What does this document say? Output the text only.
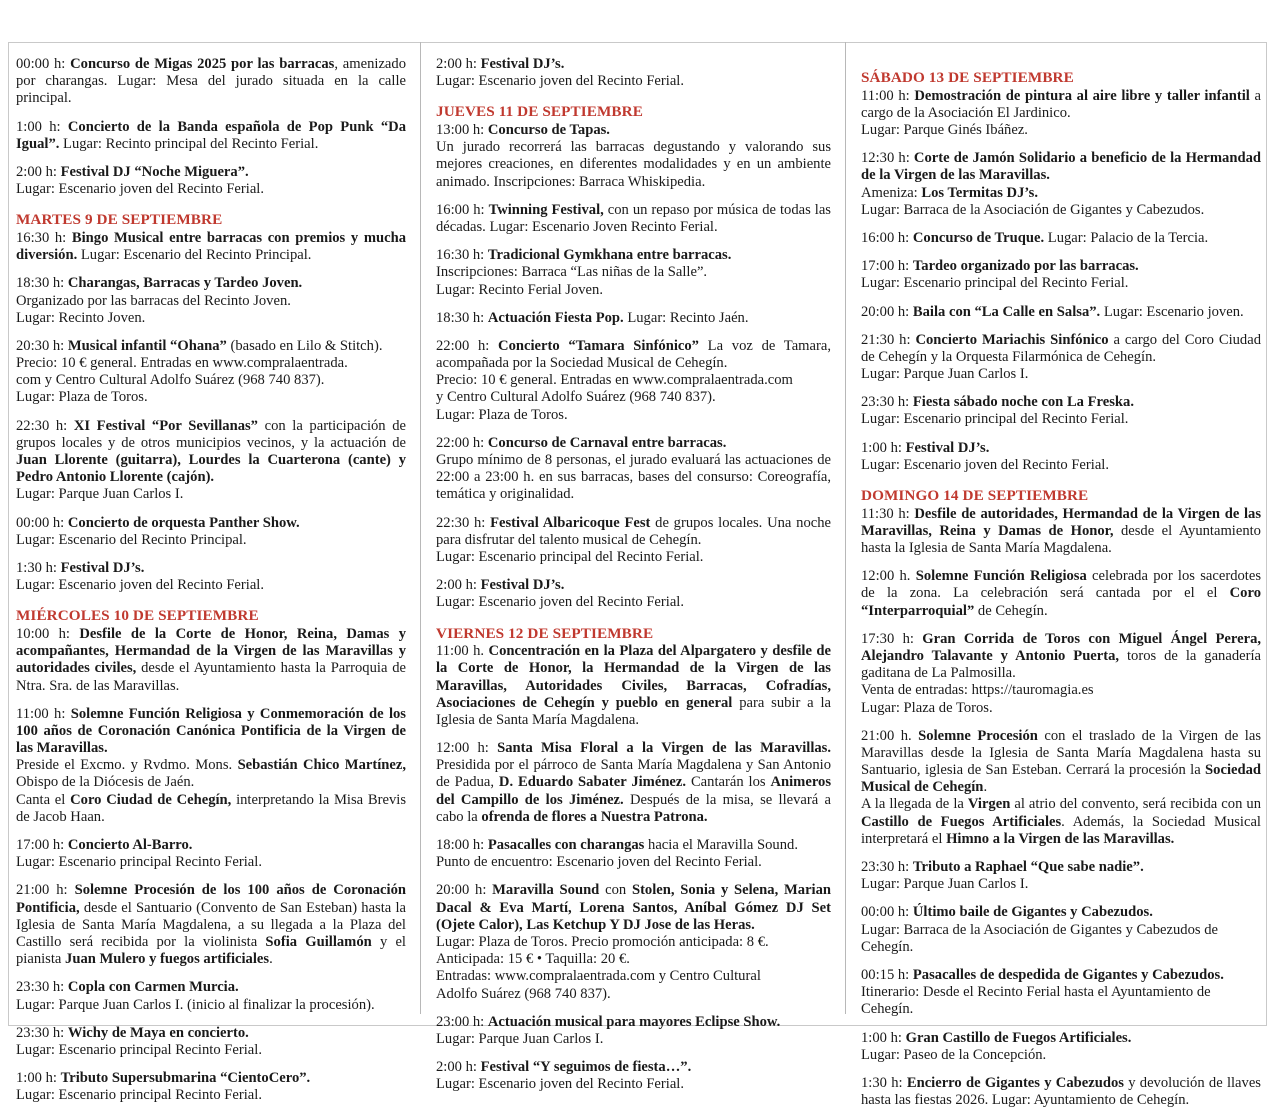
00:00 h: Concurso de Migas 2025 por las barracas, amenizado por charangas. Lugar: Mesa del jurado situada en la calle principal.

1:00 h: Concierto de la Banda española de Pop Punk “Da Igual”. Lugar: Recinto principal del Recinto Ferial.

2:00 h: Festival DJ “Noche Miguera”.
Lugar: Escenario joven del Recinto Ferial.

MARTES 9 DE SEPTIEMBRE

16:30 h: Bingo Musical entre barracas con premios y mucha diversión. Lugar: Escenario del Recinto Principal.

18:30 h: Charangas, Barracas y Tardeo Joven.
Organizado por las barracas del Recinto Joven.
Lugar: Recinto Joven.

20:30 h: Musical infantil “Ohana” (basado en Lilo & Stitch).
Precio: 10 € general. Entradas en www.compralaentrada.
com y Centro Cultural Adolfo Suárez (968 740 837).
Lugar: Plaza de Toros.

22:30 h: XI Festival “Por Sevillanas” con la participación de grupos locales y de otros municipios vecinos, y la actuación de Juan Llorente (guitarra), Lourdes la Cuarterona (cante) y Pedro Antonio Llorente (cajón).
Lugar: Parque Juan Carlos I.

00:00 h: Concierto de orquesta Panther Show.
Lugar: Escenario del Recinto Principal.

1:30 h: Festival DJ’s.
Lugar: Escenario joven del Recinto Ferial.

MIÉRCOLES 10 DE SEPTIEMBRE

10:00 h: Desfile de la Corte de Honor, Reina, Damas y acompañantes, Hermandad de la Virgen de las Maravillas y autoridades civiles, desde el Ayuntamiento hasta la Parroquia de Ntra. Sra. de las Maravillas.

11:00 h: Solemne Función Religiosa y Conmemoración de los 100 años de Coronación Canónica Pontificia de la Virgen de las Maravillas.
Preside el Excmo. y Rvdmo. Mons. Sebastián Chico Martínez, Obispo de la Diócesis de Jaén.
Canta el Coro Ciudad de Cehegín, interpretando la Misa Brevis de Jacob Haan.

17:00 h: Concierto Al-Barro.
Lugar: Escenario principal Recinto Ferial.

21:00 h: Solemne Procesión de los 100 años de Coronación Pontificia, desde el Santuario (Convento de San Esteban) hasta la Iglesia de Santa María Magdalena, a su llegada a la Plaza del Castillo será recibida por la violinista Sofia Guillamón y el pianista Juan Mulero y fuegos artificiales.

23:30 h: Copla con Carmen Murcia.
Lugar: Parque Juan Carlos I. (inicio al finalizar la procesión).

23:30 h: Wichy de Maya en concierto.
Lugar: Escenario principal Recinto Ferial.

1:00 h: Tributo Supersubmarina “CientoCero”.
Lugar: Escenario principal Recinto Ferial.

2:00 h: Festival DJ’s.
Lugar: Escenario joven del Recinto Ferial.

JUEVES 11 DE SEPTIEMBRE

13:00 h: Concurso de Tapas.
Un jurado recorrerá las barracas degustando y valorando sus mejores creaciones, en diferentes modalidades y en un ambiente animado. Inscripciones: Barraca Whiskipedia.

16:00 h: Twinning Festival, con un repaso por música de todas las décadas. Lugar: Escenario Joven Recinto Ferial.

16:30 h: Tradicional Gymkhana entre barracas.
Inscripciones: Barraca “Las niñas de la Salle”.
Lugar: Recinto Ferial Joven.

18:30 h: Actuación Fiesta Pop. Lugar: Recinto Jaén.

22:00 h: Concierto “Tamara Sinfónico” La voz de Tamara, acompañada por la Sociedad Musical de Cehegín.
Precio: 10 € general. Entradas en www.compralaentrada.com
y Centro Cultural Adolfo Suárez (968 740 837).
Lugar: Plaza de Toros.

22:00 h: Concurso de Carnaval entre barracas.
Grupo mínimo de 8 personas, el jurado evaluará las actuaciones de 22:00 a 23:00 h. en sus barracas, bases del consurso: Coreografía, temática y originalidad.

22:30 h: Festival Albaricoque Fest de grupos locales. Una noche para disfrutar del talento musical de Cehegín.
Lugar: Escenario principal del Recinto Ferial.

2:00 h: Festival DJ’s.
Lugar: Escenario joven del Recinto Ferial.

VIERNES 12 DE SEPTIEMBRE

11:00 h. Concentración en la Plaza del Alpargatero y desfile de la Corte de Honor, la Hermandad de la Virgen de las Maravillas, Autoridades Civiles, Barracas, Cofradías, Asociaciones de Cehegín y pueblo en general para subir a la Iglesia de Santa María Magdalena.

12:00 h: Santa Misa Floral a la Virgen de las Maravillas. Presidida por el párroco de Santa María Magdalena y San Antonio de Padua, D. Eduardo Sabater Jiménez. Cantarán los Animeros del Campillo de los Jiménez. Después de la misa, se llevará a cabo la ofrenda de flores a Nuestra Patrona.

18:00 h: Pasacalles con charangas hacia el Maravilla Sound.
Punto de encuentro: Escenario joven del Recinto Ferial.

20:00 h: Maravilla Sound con Stolen, Sonia y Selena, Marian Dacal & Eva Martí, Lorena Santos, Aníbal Gómez DJ Set (Ojete Calor), Las Ketchup Y DJ Jose de las Heras.
Lugar: Plaza de Toros. Precio promoción anticipada: 8 €.
Anticipada: 15 € • Taquilla: 20 €.
Entradas: www.compralaentrada.com y Centro Cultural
Adolfo Suárez (968 740 837).

23:00 h: Actuación musical para mayores Eclipse Show.
Lugar: Parque Juan Carlos I.

2:00 h: Festival “Y seguimos de fiesta…”.
Lugar: Escenario joven del Recinto Ferial.

SÁBADO 13 DE SEPTIEMBRE

11:00 h: Demostración de pintura al aire libre y taller infantil a cargo de la Asociación El Jardinico.
Lugar: Parque Ginés Ibáñez.

12:30 h: Corte de Jamón Solidario a beneficio de la Hermandad de la Virgen de las Maravillas.
Ameniza: Los Termitas DJ’s.
Lugar: Barraca de la Asociación de Gigantes y Cabezudos.

16:00 h: Concurso de Truque. Lugar: Palacio de la Tercia.

17:00 h: Tardeo organizado por las barracas.
Lugar: Escenario principal del Recinto Ferial.

20:00 h: Baila con “La Calle en Salsa”. Lugar: Escenario joven.

21:30 h: Concierto Mariachis Sinfónico a cargo del Coro Ciudad de Cehegín y la Orquesta Filarmónica de Cehegín.
Lugar: Parque Juan Carlos I.

23:30 h: Fiesta sábado noche con La Freska.
Lugar: Escenario principal del Recinto Ferial.

1:00 h: Festival DJ’s.
Lugar: Escenario joven del Recinto Ferial.

DOMINGO 14 DE SEPTIEMBRE

11:30 h: Desfile de autoridades, Hermandad de la Virgen de las Maravillas, Reina y Damas de Honor, desde el Ayuntamiento hasta la Iglesia de Santa María Magdalena.

12:00 h. Solemne Función Religiosa celebrada por los sacerdotes de la zona. La celebración será cantada por el el Coro “Interparroquial” de Cehegín.

17:30 h: Gran Corrida de Toros con Miguel Ángel Perera, Alejandro Talavante y Antonio Puerta, toros de la ganadería gaditana de La Palmosilla.
Venta de entradas: https://tauromagia.es
Lugar: Plaza de Toros.

21:00 h. Solemne Procesión con el traslado de la Virgen de las Maravillas desde la Iglesia de Santa María Magdalena hasta su Santuario, iglesia de San Esteban. Cerrará la procesión la Sociedad Musical de Cehegín.
A la llegada de la Virgen al atrio del convento, será recibida con un Castillo de Fuegos Artificiales. Además, la Sociedad Musical interpretará el Himno a la Virgen de las Maravillas.

23:30 h: Tributo a Raphael “Que sabe nadie”.
Lugar: Parque Juan Carlos I.

00:00 h: Último baile de Gigantes y Cabezudos.
Lugar: Barraca de la Asociación de Gigantes y Cabezudos de Cehegín.

00:15 h: Pasacalles de despedida de Gigantes y Cabezudos.
Itinerario: Desde el Recinto Ferial hasta el Ayuntamiento de Cehegín.

1:00 h: Gran Castillo de Fuegos Artificiales.
Lugar: Paseo de la Concepción.

1:30 h: Encierro de Gigantes y Cabezudos y devolución de llaves hasta las fiestas 2026. Lugar: Ayuntamiento de Cehegín.
